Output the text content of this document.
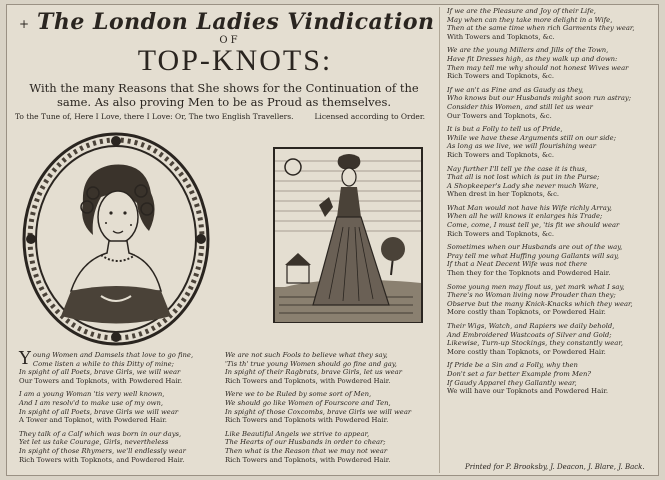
+ The London Ladies Vindication
OF
TOP-KNOTS:
With the many Reasons that She shows for the Continuation of the same. As also proving Men to be as Proud as themselves.
To the Tune of, Here I Love, there I Love: Or, The two English Travellers.	Licensed according to Order.
Y oung Women and Damsels that love to go fine,
Come listen a while to this Ditty of mine;
In spight of all Poets, brave Girls, we will wear
Our Towers and Topknots, with Powdered Hair.
I am a young Woman 'tis very well known,
And I am resolv'd to make use of my own,
In spight of all Poets, brave Girls we will wear
A Tower and Topknot, with Powdered Hair.
They talk of a Calf which was born in our days,
Yet let us take Courage, Girls, nevertheless
In spight of those Rhymers, we'll endlessly wear
Rich Towers with Topknots, and Powdered Hair.
We are not such Fools to believe what they say,
'Tis th' true young Women should go fine and gay,
In spight of their Ragbrats, brave Girls, let us wear
Rich Towers and Topknots, with Powdered Hair.
Were we to be Ruled by some sort of Men,
We should go like Women of Fourscore and Ten,
In spight of those Coxcombs, brave Girls we will wear
Rich Towers and Topknots with Powdered Hair.
Like Beautiful Angels we strive to appear,
The Hearts of our Husbands in order to chear;
Then what is the Reason that we may not wear
Rich Towers and Topknots, with Powdered Hair.
If we are the Pleasure and Joy of their Life,
May when can they take more delight in a Wife,
Then at the same time when rich Garments they wear,
With Towers and Topknots, &c.
We are the young Millers and Jills of the Town,
Have fit Dresses high, as they walk up and down:
Then may tell me why should not honest Wives wear
Rich Towers and Topknots, &c.
If we an't as Fine and as Gaudy as they,
Who knows but our Husbands might soon run astray;
Consider this Women, and still let us wear
Our Towers and Topknots, &c.
It is but a Folly to tell us of Pride,
While we have these Arguments still on our side;
As long as we live, we will flourishing wear
Rich Towers and Topknots, &c.
Nay further I'll tell ye the case it is thus,
That all is not lost which is put in the Purse;
A Shopkeeper's Lady she never much Ware,
When drest in her Topknots, &c.
What Man would not have his Wife richly Array,
When all he will knows it enlarges his Trade;
Come, come, I must tell ye, 'tis fit we should wear
Rich Towers and Topknots, &c.
Sometimes when our Husbands are out of the way,
Pray tell me what Huffing young Gallants will say,
If that a Neat Decent Wife was not there
Then they for the Topknots and Powdered Hair.
Some young men may flout us, yet mark what I say,
There's no Woman living now Prouder than they;
Observe but the many Knick-Knacks which they wear,
More costly than Topknots, or Powdered Hair.
Their Wigs, Watch, and Rapiers we daily behold,
And Embroidered Wastcoats of Silver and Gold;
Likewise, Turn-up Stockings, they constantly wear,
More costly than Topknots, or Powdered Hair.
If Pride be a Sin and a Folly, why then
Don't set a far better Example from Men?
If Gaudy Apparel they Gallantly wear,
We will have our Topknots and Powdered Hair.
Printed for P. Brooksby, J. Deacon, J. Blare, J. Back.
